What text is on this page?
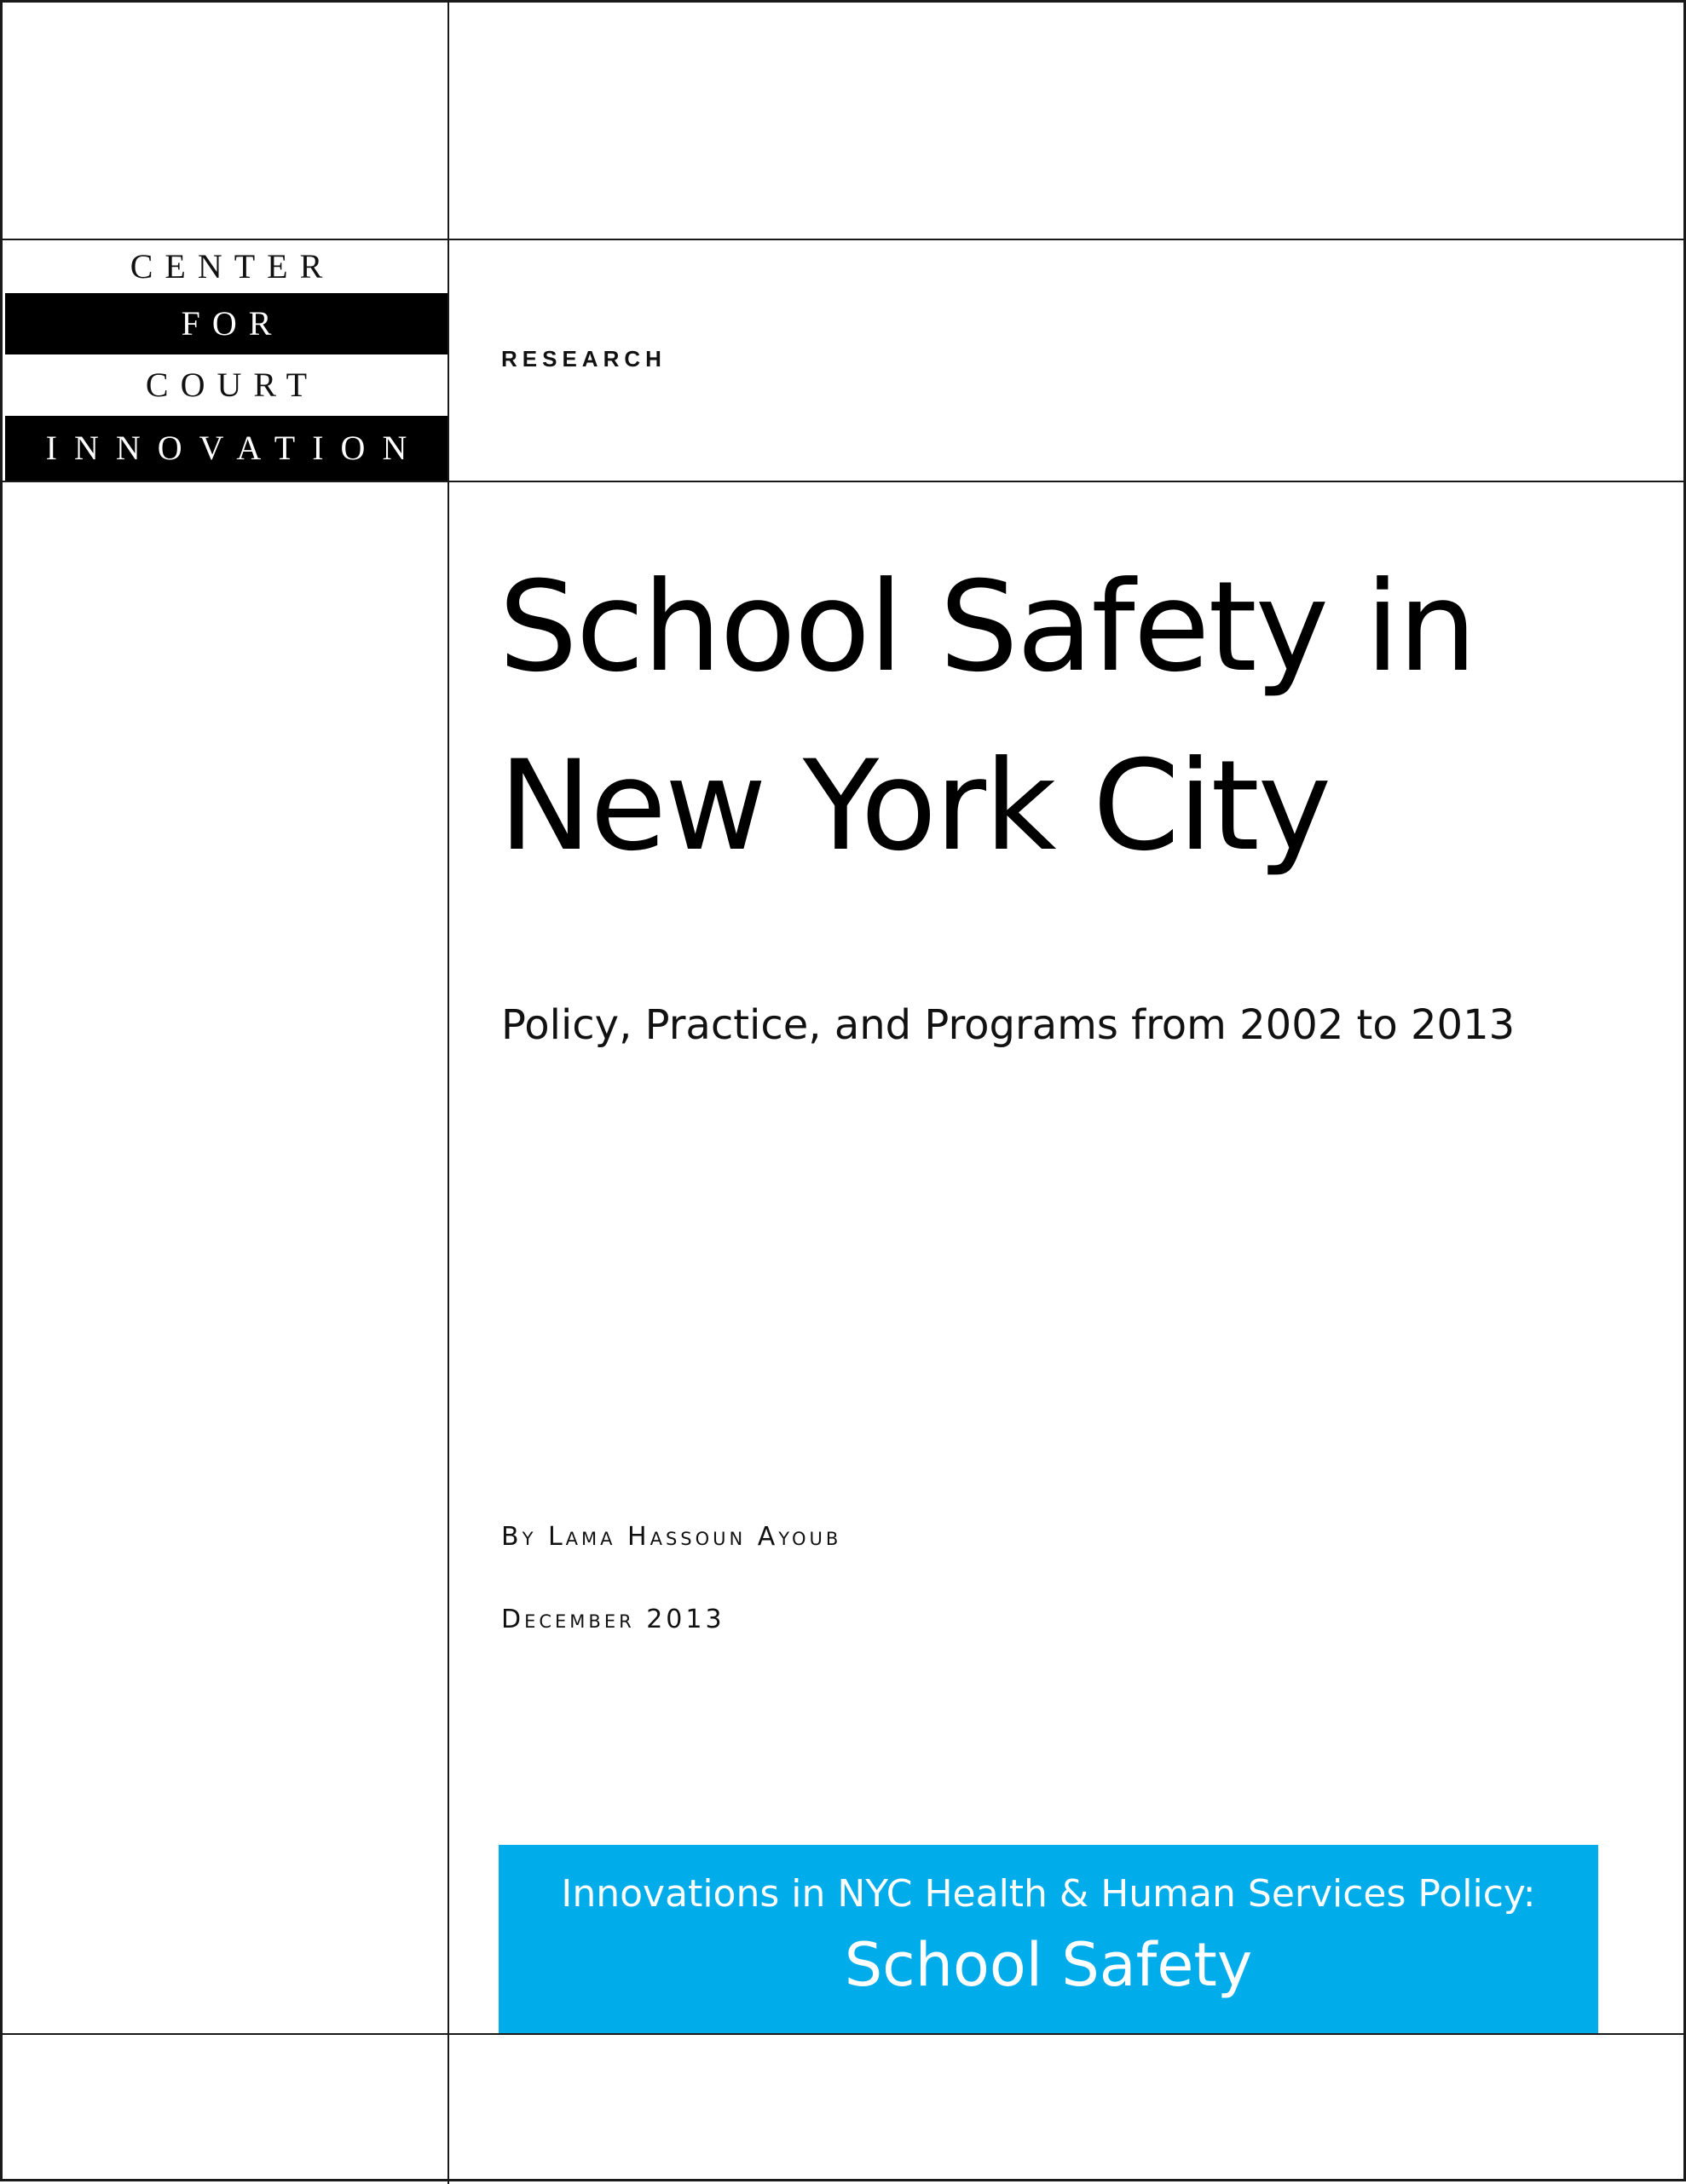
CENTER
FOR
COURT
INNOVATION
RESEARCH
School Safety in
New York City
Policy, Practice, and Programs from 2002 to 2013
By Lama Hassoun Ayoub
December 2013
Innovations in NYC Health & Human Services Policy:
School Safety
